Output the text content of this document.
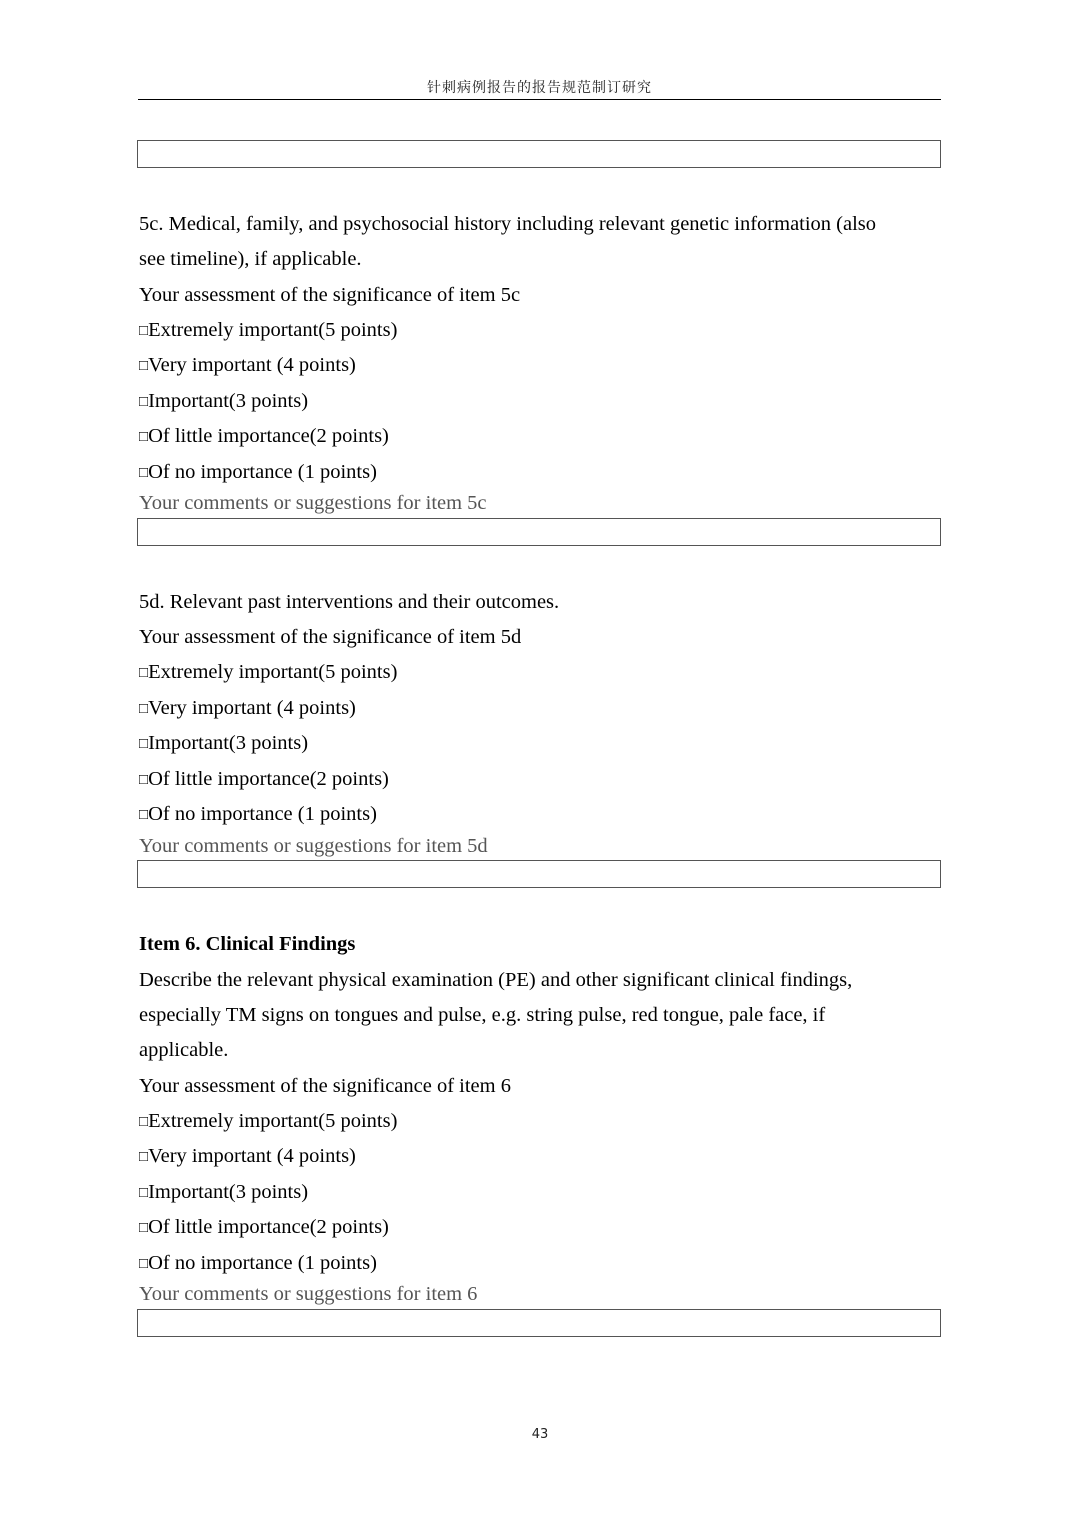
针刺病例报告的报告规范制订研究
5c. Medical, family, and psychosocial history including relevant genetic information (also
see timeline), if applicable.
Your assessment of the significance of item 5c
□Extremely important(5 points)
□Very important (4 points)
□Important(3 points)
□Of little importance(2 points)
□Of no importance (1 points)
Your comments or suggestions for item 5c
5d. Relevant past interventions and their outcomes.
Your assessment of the significance of item 5d
□Extremely important(5 points)
□Very important (4 points)
□Important(3 points)
□Of little importance(2 points)
□Of no importance (1 points)
Your comments or suggestions for item 5d
Item 6. Clinical Findings
Describe the relevant physical examination (PE) and other significant clinical findings,
especially TM signs on tongues and pulse, e.g. string pulse, red tongue, pale face, if
applicable.
Your assessment of the significance of item 6
□Extremely important(5 points)
□Very important (4 points)
□Important(3 points)
□Of little importance(2 points)
□Of no importance (1 points)
Your comments or suggestions for item 6
43
